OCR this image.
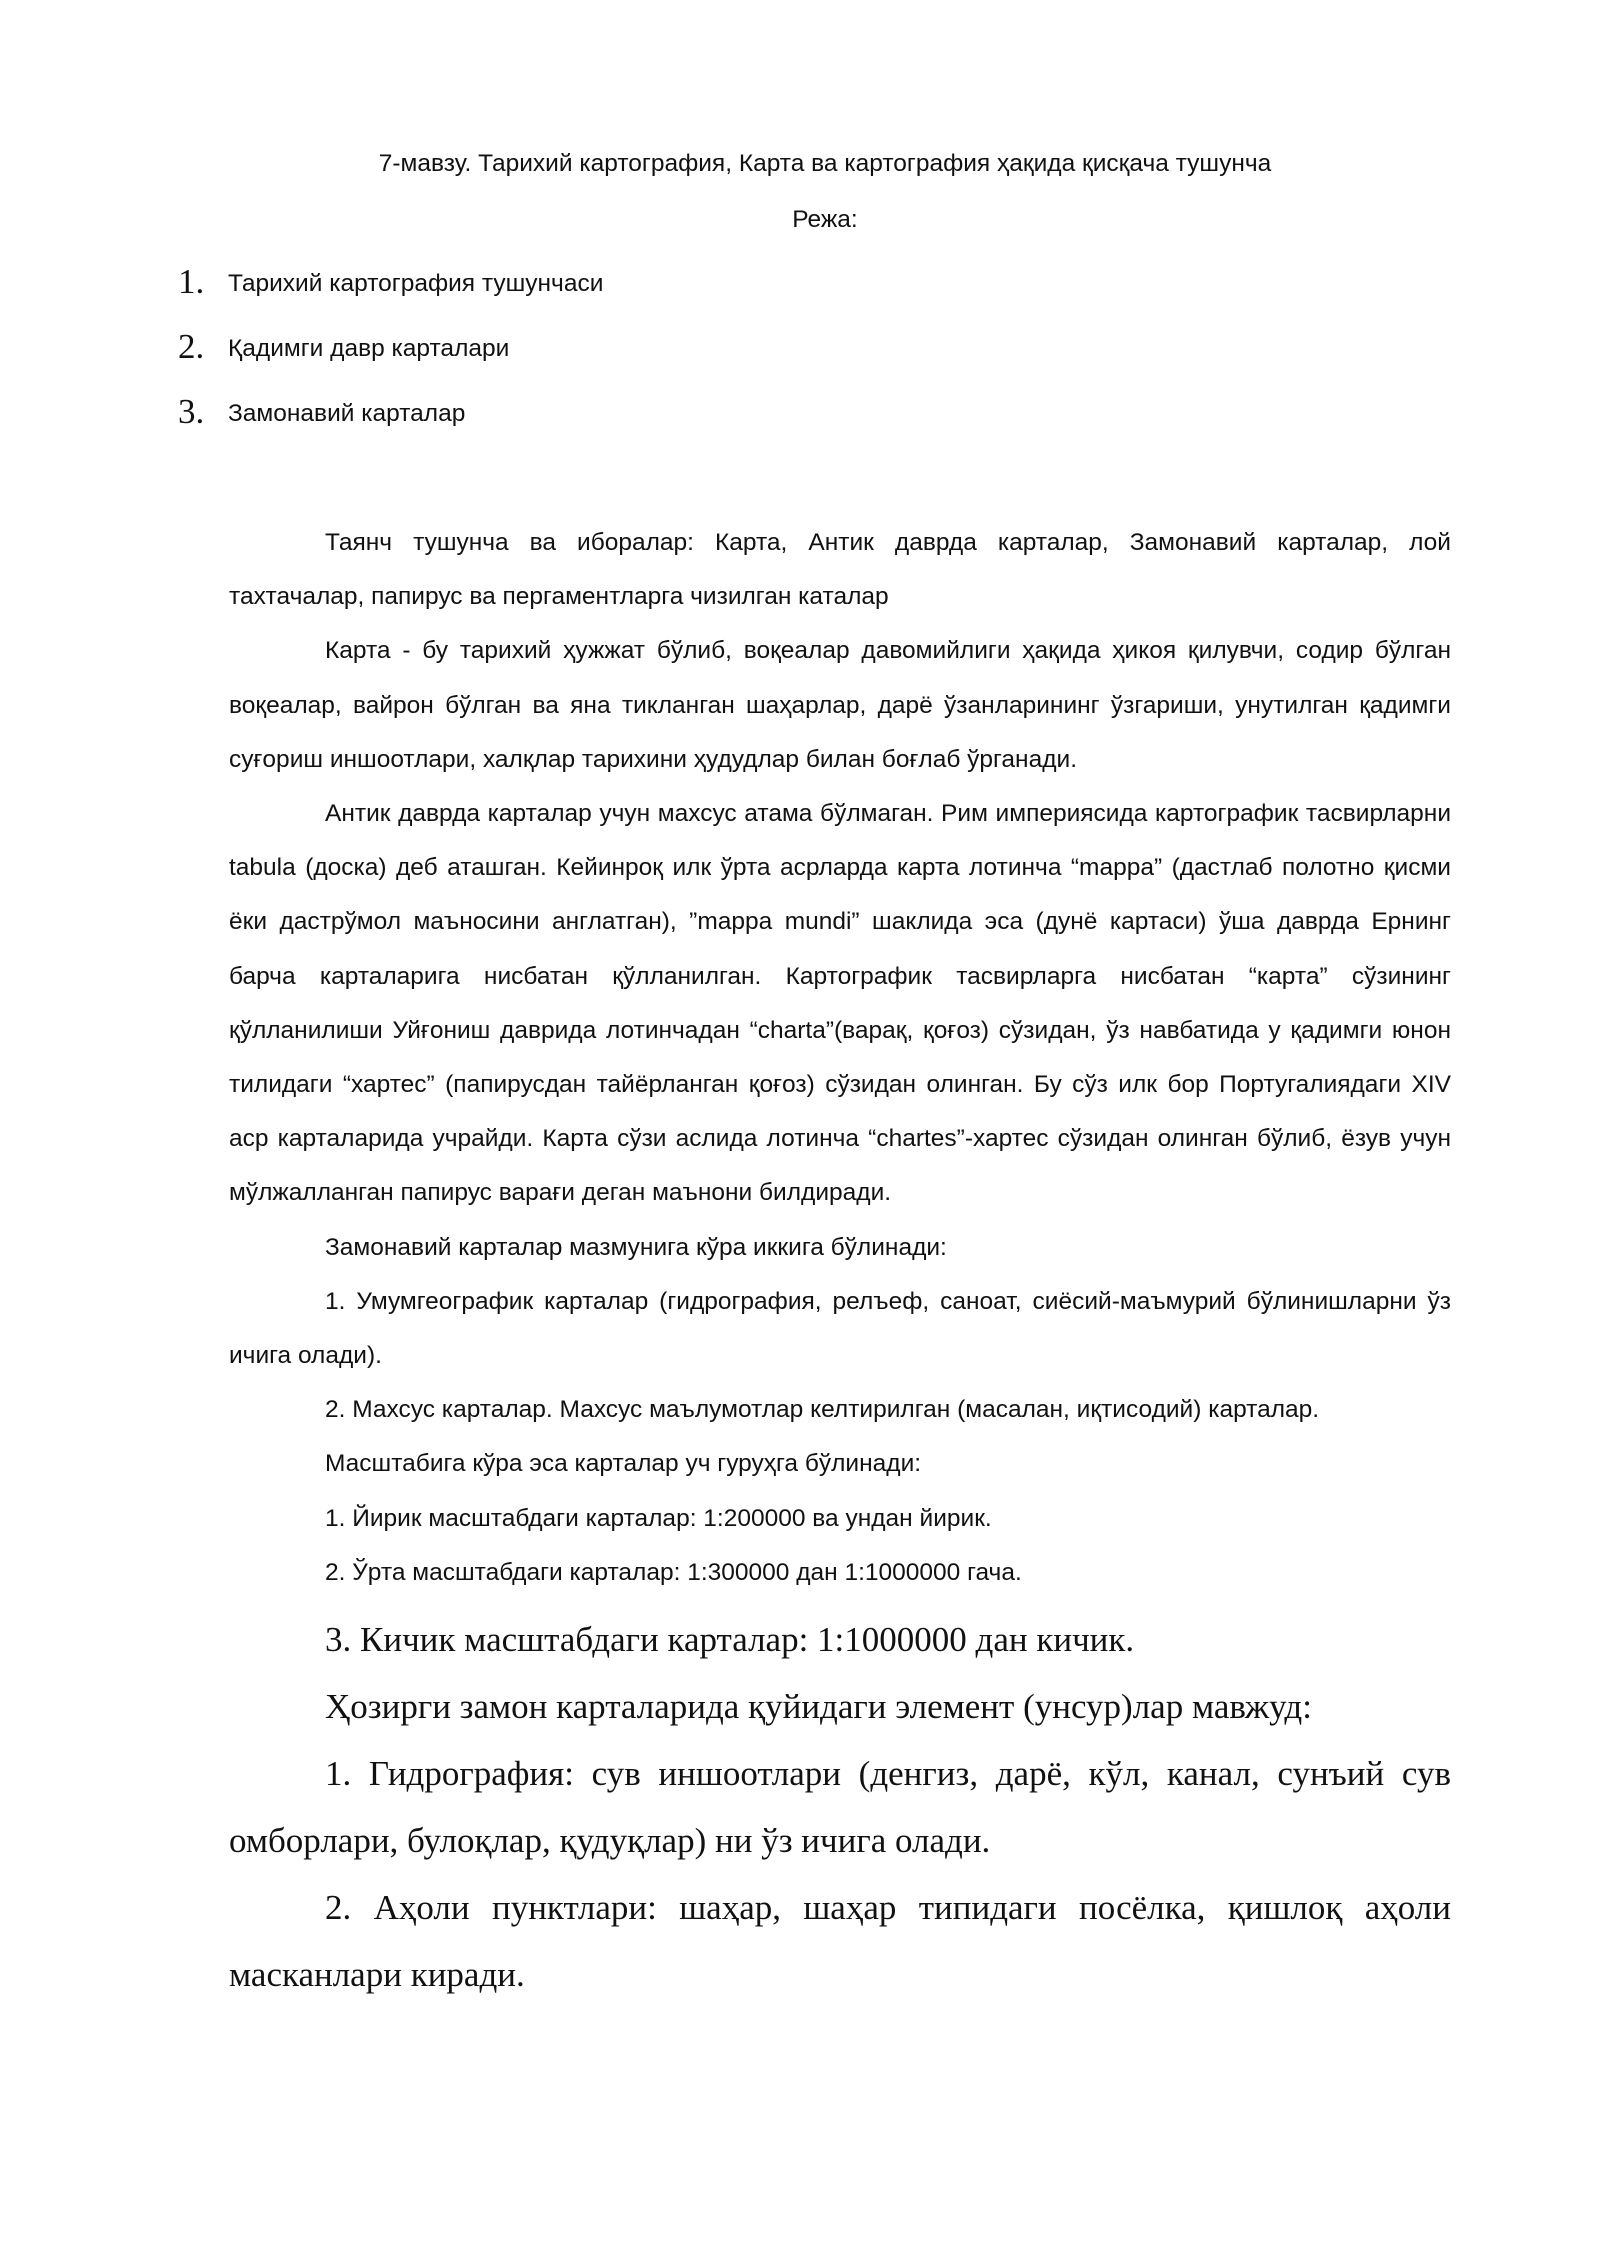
7-мавзу. Тарихий картография, Карта ва картография ҳақида қисқача тушунча
Режа:
1. Тарихий картография тушунчаси
2. Қадимги давр карталари
3. Замонавий карталар

Таянч тушунча ва иборалар: Карта, Антик даврда карталар, Замонавий карталар, лой тахтачалар, папирус ва пергаментларга чизилган каталар

Карта - бу тарихий ҳужжат бўлиб, воқеалар давомийлиги ҳақида ҳикоя қилувчи, содир бўлган воқеалар, вайрон бўлган ва яна тикланган шаҳарлар, дарё ўзанларининг ўзгариши, унутилган қадимги суғориш иншоотлари, халқлар тарихини ҳудудлар билан боғлаб ўрганади.

Антик даврда карталар учун махсус атама бўлмаган. Рим империясида картографик тасвирларни tabula (доска) деб аташган. Кейинроқ илк ўрта асрларда карта лотинча “mappa” (дастлаб полотно қисми ёки дастрўмол маъносини англатган), ”mappa mundi” шаклида эса (дунё картаси) ўша даврда Ернинг барча карталарига нисбатан қўлланилган. Картографик тасвирларга нисбатан “карта” сўзининг қўлланилиши Уйғониш даврида лотинчадан “charta”(варақ, қоғоз) сўзидан, ўз навбатида у қадимги юнон тилидаги “хартес” (папирусдан тайёрланган қоғоз) сўзидан олинган. Бу сўз илк бор Португалиядаги XIV аср карталарида учрайди. Карта сўзи аслида лотинча “chartes”-хартес сўзидан олинган бўлиб, ёзув учун мўлжалланган папирус варағи деган маънони билдиради.

Замонавий карталар мазмунига кўра иккига бўлинади:

1. Умумгеографик карталар (гидрография, релъеф, саноат, сиёсий-маъмурий бўлинишларни ўз ичига олади).

2. Махсус карталар. Махсус маълумотлар келтирилган (масалан, иқтисодий) карталар.

Масштабига кўра эса карталар уч гуруҳга бўлинади:

1. Йирик масштабдаги карталар: 1:200000 ва ундан йирик.

2. Ўрта масштабдаги карталар: 1:300000 дан 1:1000000 гача.

3. Кичик масштабдаги карталар: 1:1000000 дан кичик.

Ҳозирги замон карталарида қуйидаги элемент (унсур)лар мавжуд:

1. Гидрография: сув иншоотлари (денгиз, дарё, кўл, канал, сунъий сув омборлари, булоқлар, қудуқлар) ни ўз ичига олади.

2. Аҳоли пунктлари: шаҳар, шаҳар типидаги посёлка, қишлоқ аҳоли масканлари киради.
